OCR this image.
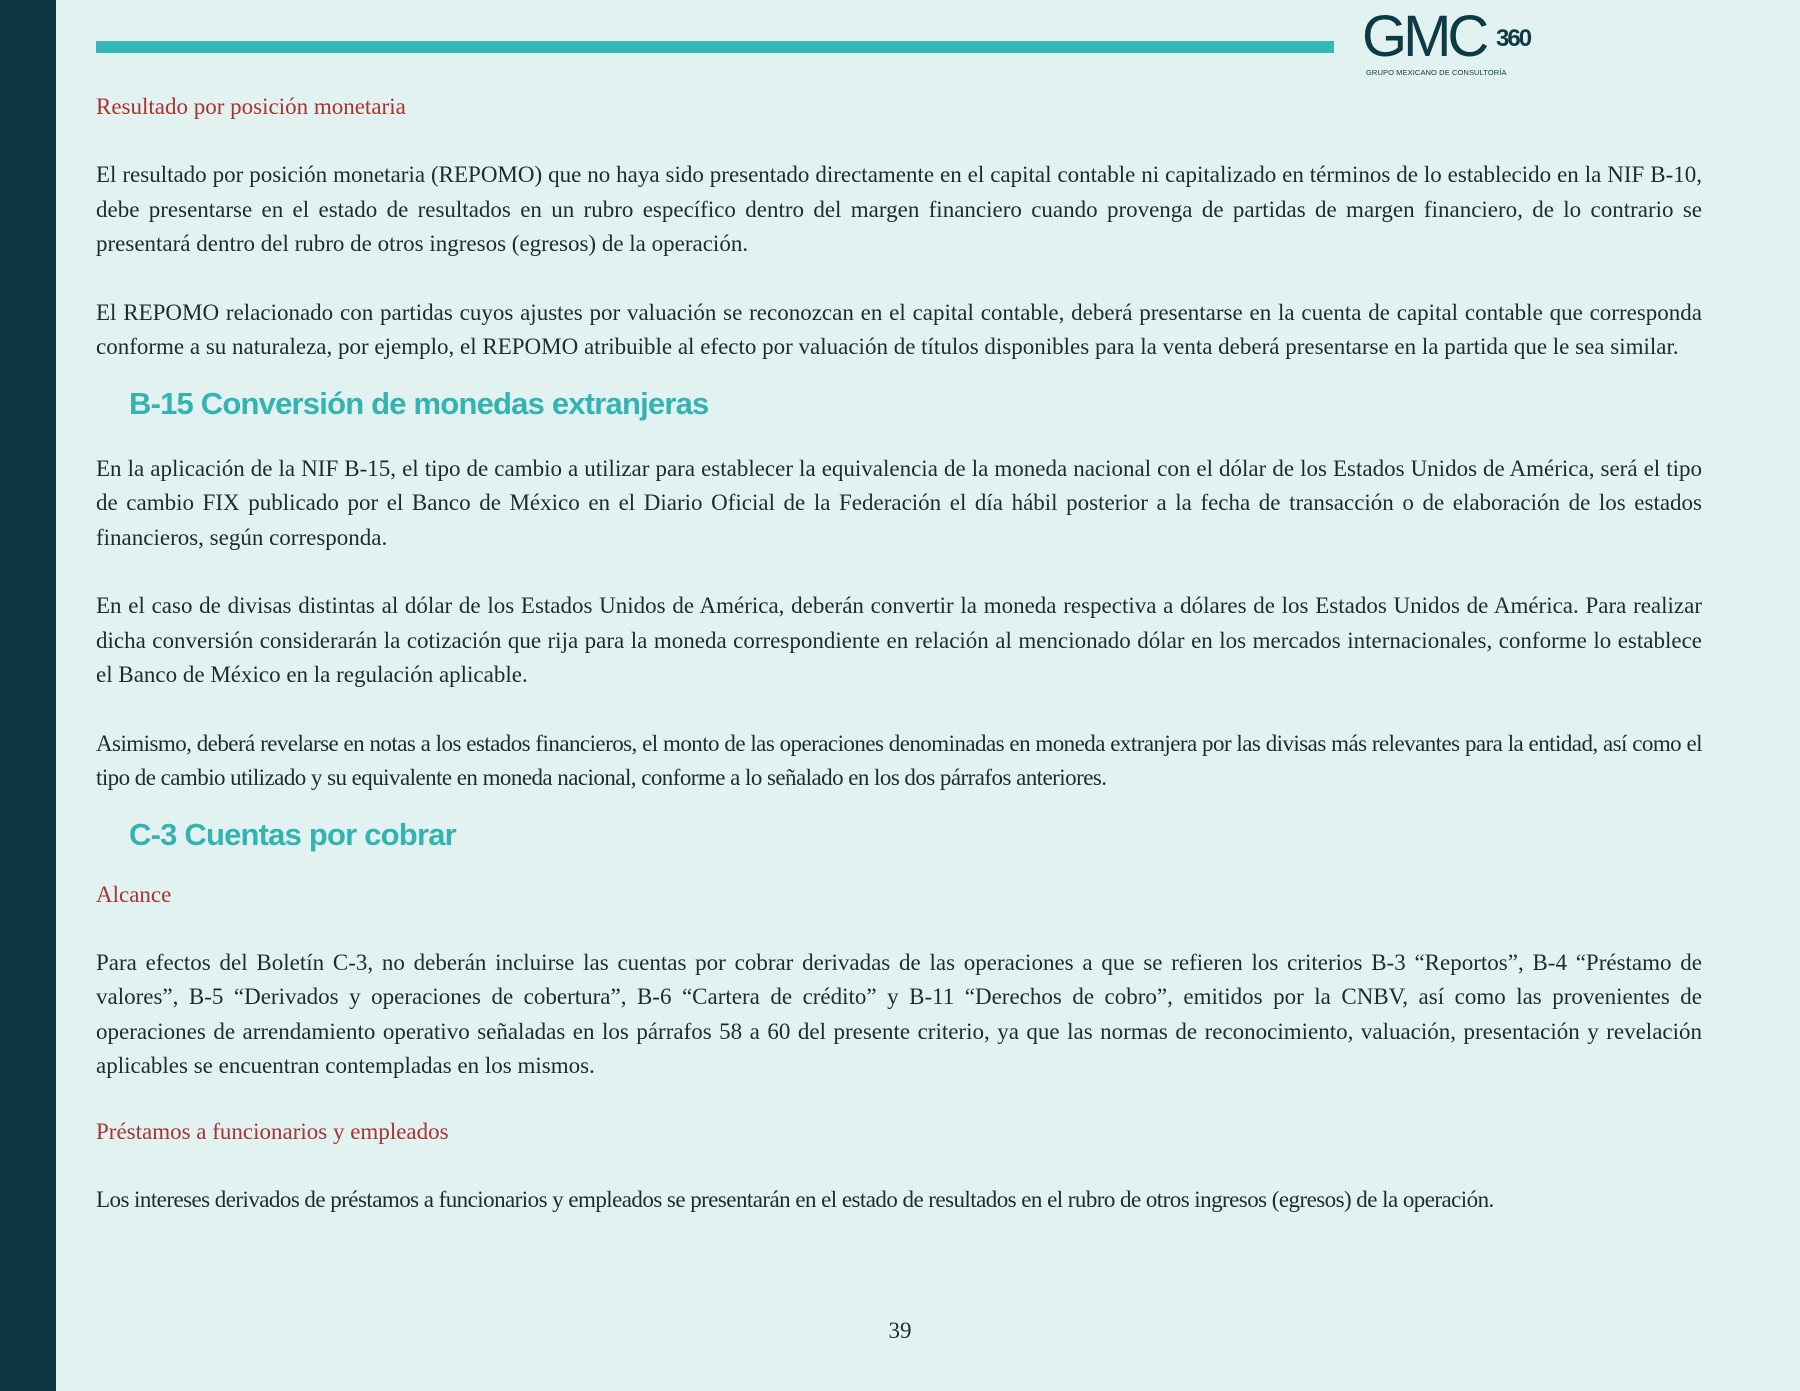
GMC 360
GRUPO MEXICANO DE CONSULTORÍA
Resultado por posición monetaria

El resultado por posición monetaria (REPOMO) que no haya sido presentado directamente en el capital contable ni capitalizado en términos de lo establecido en la NIF B-10, debe presentarse en el estado de resultados en un rubro específico dentro del margen financiero cuando provenga de partidas de margen financiero, de lo contrario se presentará dentro del rubro de otros ingresos (egresos) de la operación.

El REPOMO relacionado con partidas cuyos ajustes por valuación se reconozcan en el capital contable, deberá presentarse en la cuenta de capital contable que corresponda conforme a su naturaleza, por ejemplo, el REPOMO atribuible al efecto por valuación de títulos disponibles para la venta deberá presentarse en la partida que le sea similar.

B-15 Conversión de monedas extranjeras

En la aplicación de la NIF B-15, el tipo de cambio a utilizar para establecer la equivalencia de la moneda nacional con el dólar de los Estados Unidos de América, será el tipo de cambio FIX publicado por el Banco de México en el Diario Oficial de la Federación el día hábil posterior a la fecha de transacción o de elaboración de los estados financieros, según corresponda.

En el caso de divisas distintas al dólar de los Estados Unidos de América, deberán convertir la moneda respectiva a dólares de los Estados Unidos de América. Para realizar dicha conversión considerarán la cotización que rija para la moneda correspondiente en relación al mencionado dólar en los mercados internacionales, conforme lo establece el Banco de México en la regulación aplicable.

Asimismo, deberá revelarse en notas a los estados financieros, el monto de las operaciones denominadas en moneda extranjera por las divisas más relevantes para la entidad, así como el tipo de cambio utilizado y su equivalente en moneda nacional, conforme a lo señalado en los dos párrafos anteriores.

C-3 Cuentas por cobrar
Alcance

Para efectos del Boletín C-3, no deberán incluirse las cuentas por cobrar derivadas de las operaciones a que se refieren los criterios B-3 “Reportos”, B-4 “Préstamo de valores”, B-5 “Derivados y operaciones de cobertura”, B-6 “Cartera de crédito” y B-11 “Derechos de cobro”, emitidos por la CNBV, así como las provenientes de operaciones de arrendamiento operativo señaladas en los párrafos 58 a 60 del presente criterio, ya que las normas de reconocimiento, valuación, presentación y revelación aplicables se encuentran contempladas en los mismos.

Préstamos a funcionarios y empleados

Los intereses derivados de préstamos a funcionarios y empleados se presentarán en el estado de resultados en el rubro de otros ingresos (egresos) de la operación.

39
